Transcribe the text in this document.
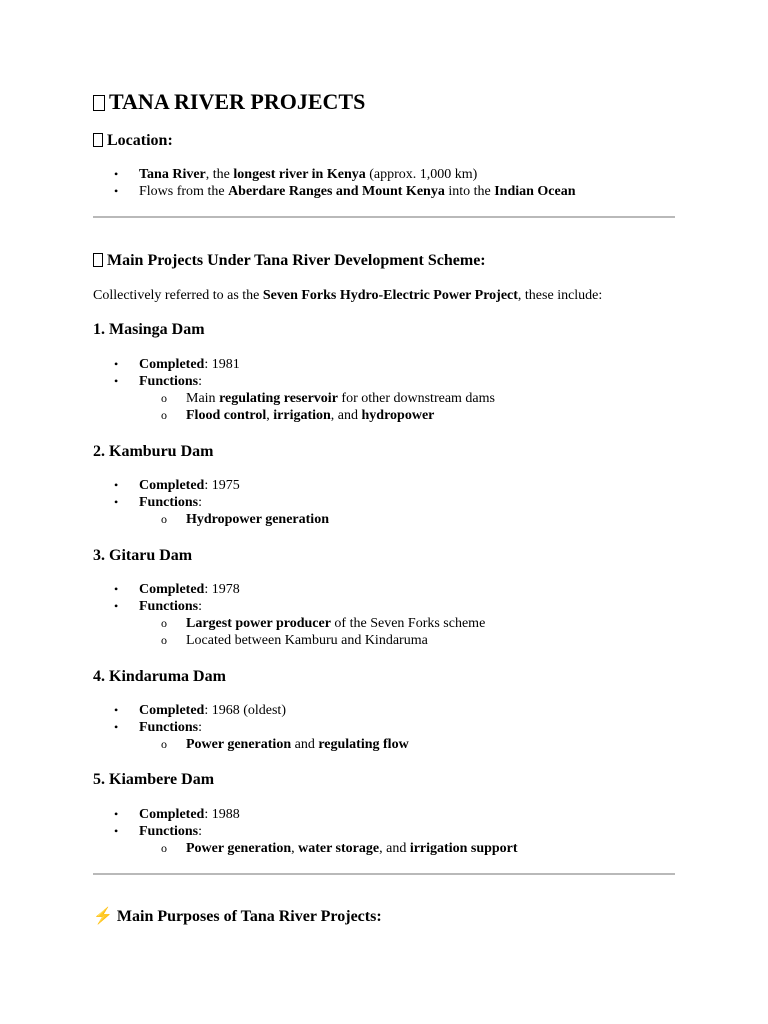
TANA RIVER PROJECTS
Location:
• Tana River, the longest river in Kenya (approx. 1,000 km)
• Flows from the Aberdare Ranges and Mount Kenya into the Indian Ocean
Main Projects Under Tana River Development Scheme:
Collectively referred to as the Seven Forks Hydro-Electric Power Project, these include:
1. Masinga Dam
• Completed: 1981
• Functions:
o Main regulating reservoir for other downstream dams
o Flood control, irrigation, and hydropower
2. Kamburu Dam
• Completed: 1975
• Functions:
o Hydropower generation
3. Gitaru Dam
• Completed: 1978
• Functions:
o Largest power producer of the Seven Forks scheme
o Located between Kamburu and Kindaruma
4. Kindaruma Dam
• Completed: 1968 (oldest)
• Functions:
o Power generation and regulating flow
5. Kiambere Dam
• Completed: 1988
• Functions:
o Power generation, water storage, and irrigation support
⚡ Main Purposes of Tana River Projects:
